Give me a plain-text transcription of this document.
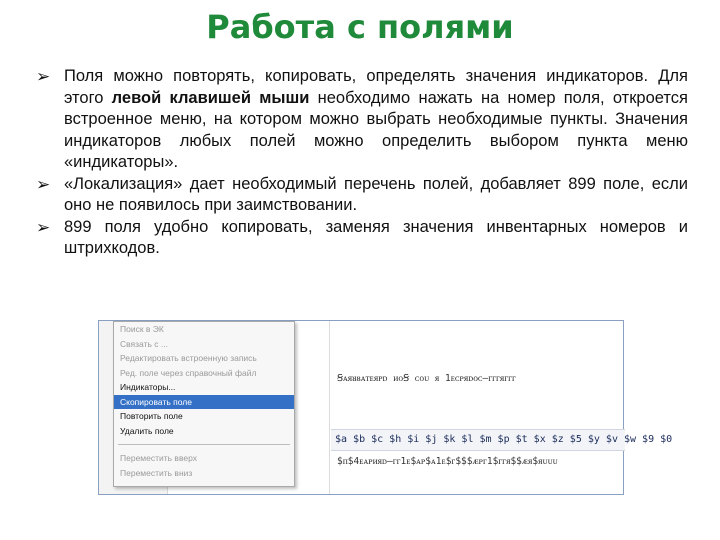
Работа с полями
➢ Поля можно повторять, копировать, определять значения индикаторов. Для этого левой клавишей мыши необходимо нажать на номер поля, откроется встроенное меню, на котором можно выбрать необходимые пункты. Значения индикаторов любых полей можно определить выбором пункта меню «индикаторы».
➢ «Локализация» дает необходимый перечень полей, добавляет 899 поле, если оно не появилось при заимствовании.
➢ 899 поля удобно копировать, заменяя значения инвентарных номеров и штрихкодов.
Ꞩᴀᴙᴚᴕᴀᴛᴇᴙᴘᴅ ᴎᴏꞨ ᴄᴏᴜ ᴙ 1ᴇᴄᴘᴙᴅᴏᴄ‒ᴦᴦᴦᴙᴦᴦᴦ
$a $b $c $h $i $j $k $l $m $p $t $x $z $5 $y $v $w $9 $0
$ᴨ$4ᴇᴀᴘᴎᴙᴅ‒ᴦᴦ1ᴇ$ᴀᴘ$ᴀ1ᴇ$ᴦ$$$ᴁᴘᴦ1$ᴦᴦᴙ$$ᴁᴙ$ᴙᴜᴜᴜ
Поиск в ЭК
Связать с ...
Редактировать встроенную запись
Ред. поле через справочный файл
Индикаторы...
Скопировать поле
Повторить поле
Удалить поле
Переместить вверх
Переместить вниз
